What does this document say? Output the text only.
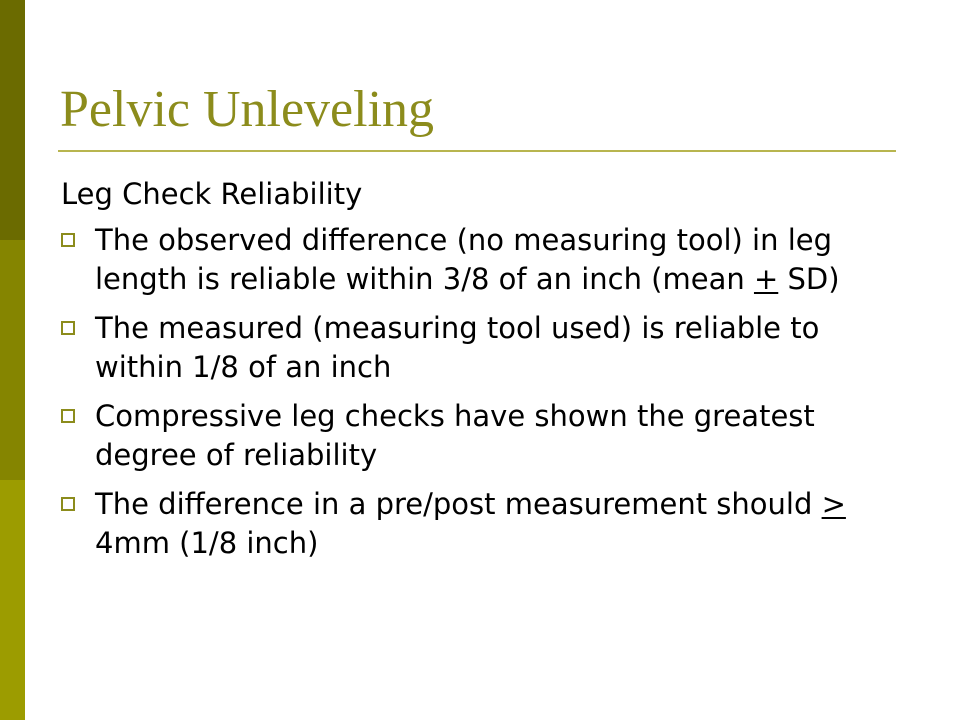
Pelvic Unleveling
Leg Check Reliability
The observed difference (no measuring tool) in leg length is reliable within 3/8 of an inch (mean + SD)
The measured (measuring tool used) is reliable to within 1/8 of an inch
Compressive leg checks have shown the greatest degree of reliability
The difference in a pre/post measurement should > 4mm (1/8 inch)
